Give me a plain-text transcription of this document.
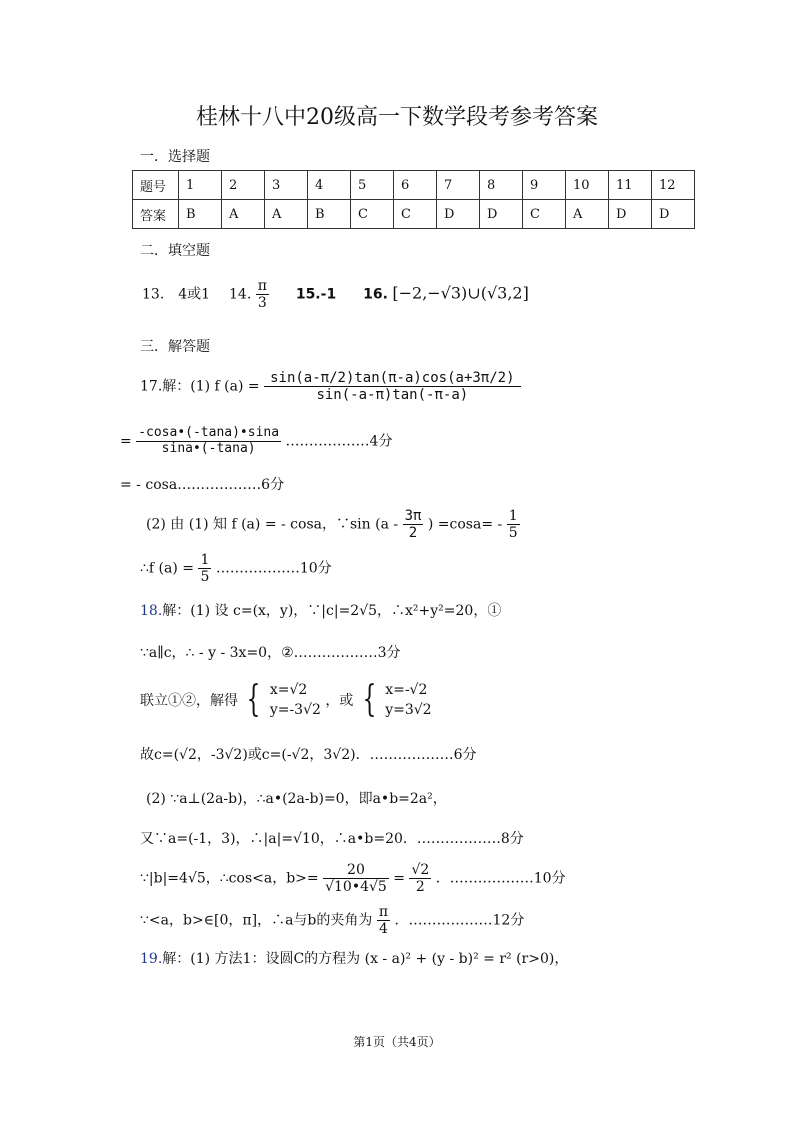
桂林十八中20级高一下数学段考参考答案
一．选择题
题号	1	2	3	4	5	6	7	8	9	10	11	12
答案	B	A	A	B	C	C	D	D	C	A	D	D
二．填空题
13.　4或1 14. $\frac{\pi}{3} 15.-1$ 16. [−2,−√3)∪(√3,2]
三．解答题
17.解：(1) f $(a) = \frac{\sin(a-\pi/2)\tan(\pi-a)\cos(a+3\pi/2)}{\sin(-a-\pi)\tan(-\pi-a)}$
= $\frac{-\cos a•(-\tan a)•\sin a}{\sin a•(-\tan a)}$ ………………4分
= - cosa………………6分
(2) 由 (1) 知 f (a) = - cosa，∵sin ($a - \frac{3\pi}{2}$ ) $=\cos a= - \frac{1}{5}$
∴f $(a) = \frac{1}{5}$ ………………10分
18.解：(1) 设 c=(x，y)，∵|c|=2√5，∴x²+y²=20，①
∵a∥c，∴ - y - 3x=0，②………………3分
联立①②，解得 { x=√2
y=-3√2
，或 { x=-√2
y=3√2
故c=(√2，-3√2)或c=(-√2，3√2)．………………6分
(2) ∵a⊥(2a-b)，∴a•(2a-b)=0，即a•b=2a²，
又∵a=(-1，3)，∴|a|=√10，∴a•b=20．………………8分
∵|b|=4√5，∴cos<a，$b>= \frac{20}{√10•4√5} = \frac{√2}{2}$ ．………………10分
∵<a，b>∈[0，π]，∴a与b的夹角为 $\frac{\pi}{4}$ ．………………12分
19.解：(1) 方法1：设圆C的方程为 (x - a)² + (y - b)² = r² (r>0)，
第1页（共4页）
